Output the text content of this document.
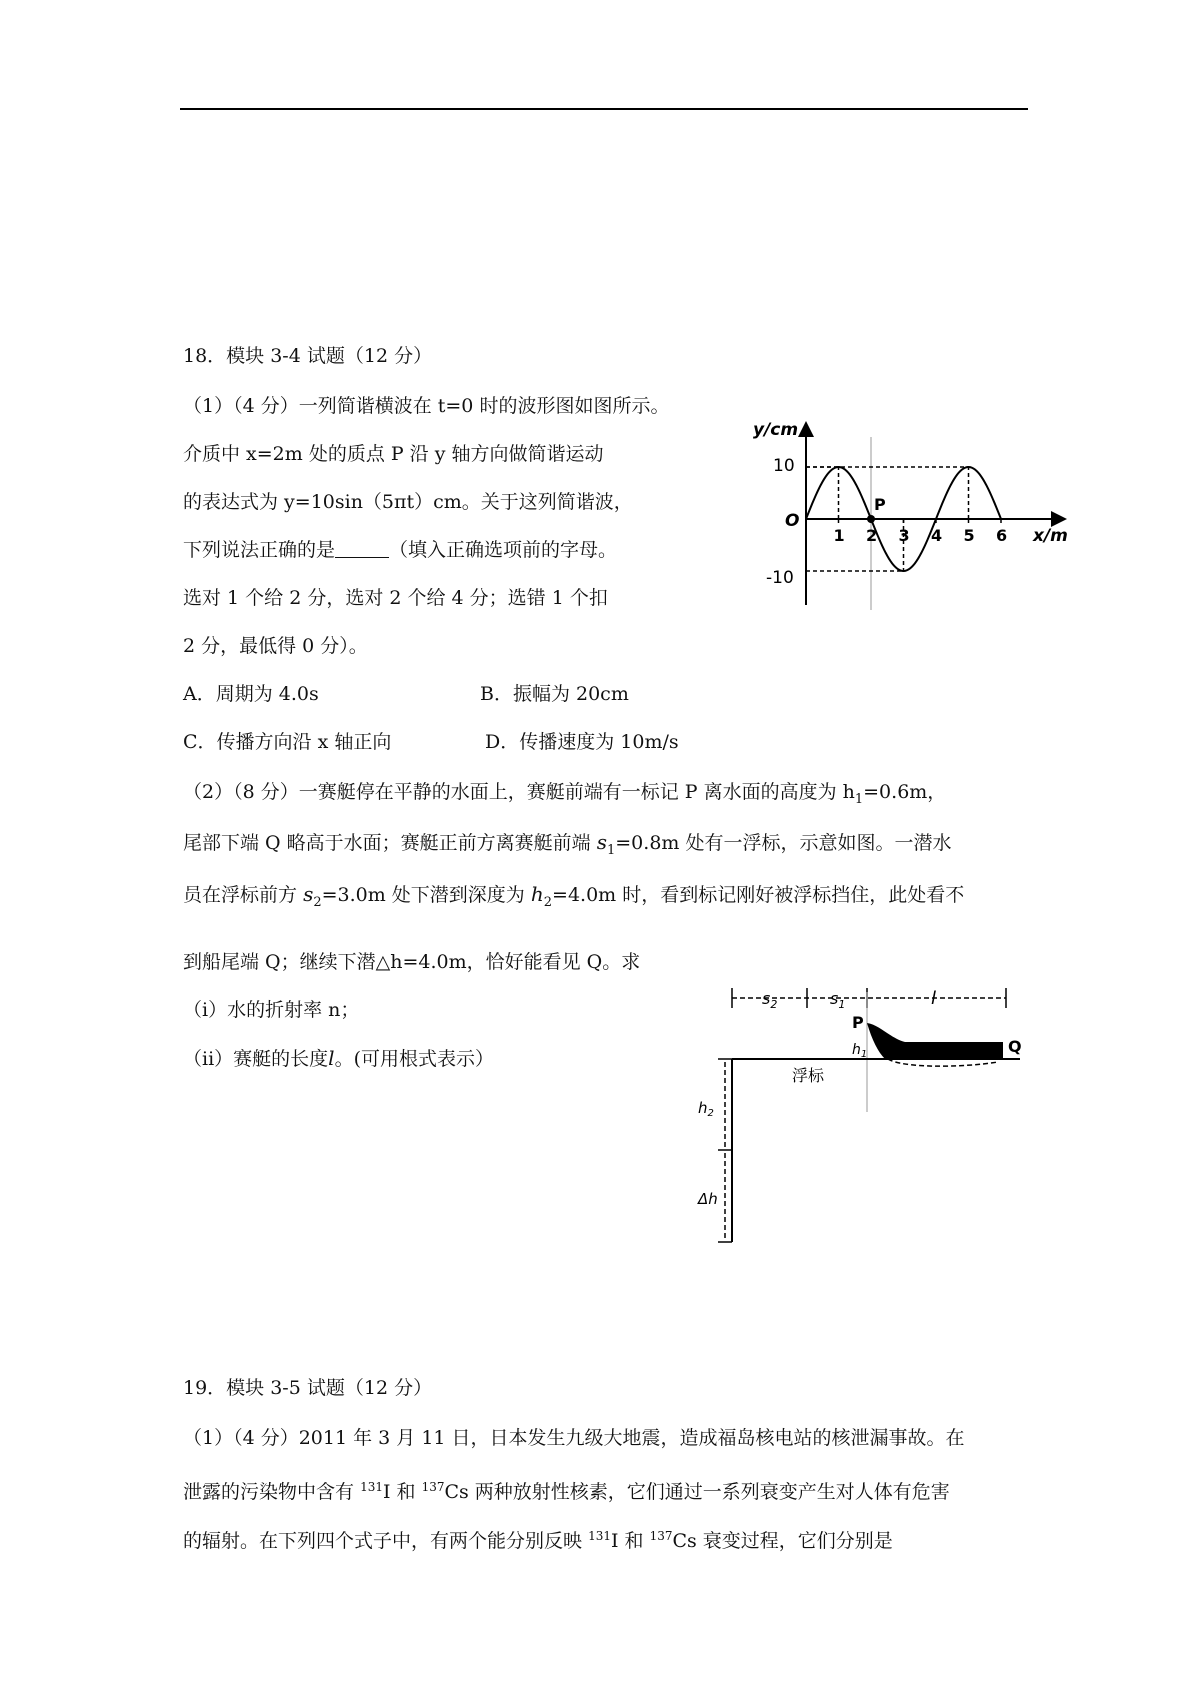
18．模块 3-4 试题（12 分）
（1）（4 分）一列简谐横波在 t=0 时的波形图如图所示。
介质中 x=2m 处的质点 P 沿 y 轴方向做简谐运动
的表达式为 y=10sin（5πt）cm。关于这列简谐波，
下列说法正确的是	（填入正确选项前的字母。
选对 1 个给 2 分，选对 2 个给 4 分；选错 1 个扣
2 分，最低得 0 分）。
A．周期为 4.0s	B．振幅为 20cm
C．传播方向沿 x 轴正向	D．传播速度为 10m/s
（2）（8 分）一赛艇停在平静的水面上，赛艇前端有一标记 P 离水面的高度为 $h_1=0.6m$，
尾部下端 Q 略高于水面；赛艇正前方离赛艇前端 $s_1=0.8m$ 处有一浮标，示意如图。一潜水
员在浮标前方 $s_2=3.0m$ 处下潜到深度为 $h_2=4.0m$ 时，看到标记刚好被浮标挡住，此处看不
到船尾端 Q；继续下潜△h=4.0m，恰好能看见 Q。求
（i）水的折射率 n；
（ii）赛艇的长度l。(可用根式表示）
y/cm
x/m
O
10
-10
P
1 2 3 4 5 6
$s_2$	$s_1$	l
P
Q
$h_1$
浮标
$h_2$
Δh
19．模块 3-5 试题（12 分）
（1）（4 分）2011 年 3 月 11 日，日本发生九级大地震，造成福岛核电站的核泄漏事故。在
泄露的污染物中含有 $^{131}$I 和 $^{137}$Cs 两种放射性核素，它们通过一系列衰变产生对人体有危害
的辐射。在下列四个式子中，有两个能分别反映 $^{131}$I 和 $^{137}$Cs 衰变过程，它们分别是
